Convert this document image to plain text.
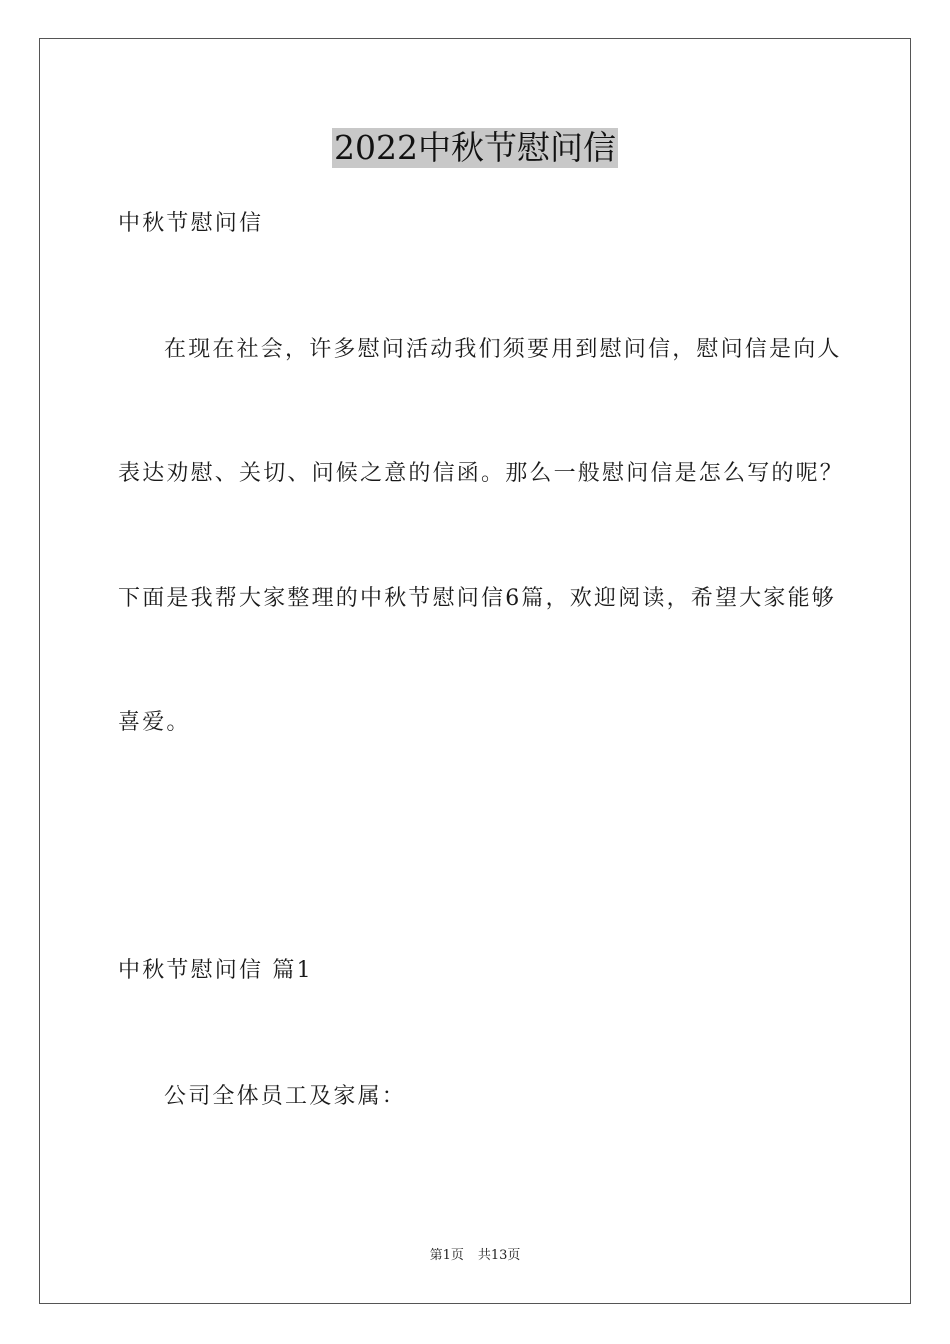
2022中秋节慰问信
中秋节慰问信
在现在社会，许多慰问活动我们须要用到慰问信，慰问信是向人
表达劝慰、关切、问候之意的信函。那么一般慰问信是怎么写的呢？
下面是我帮大家整理的中秋节慰问信6篇，欢迎阅读，希望大家能够
喜爱。
中秋节慰问信 篇1
公司全体员工及家属：
第1页 共13页
